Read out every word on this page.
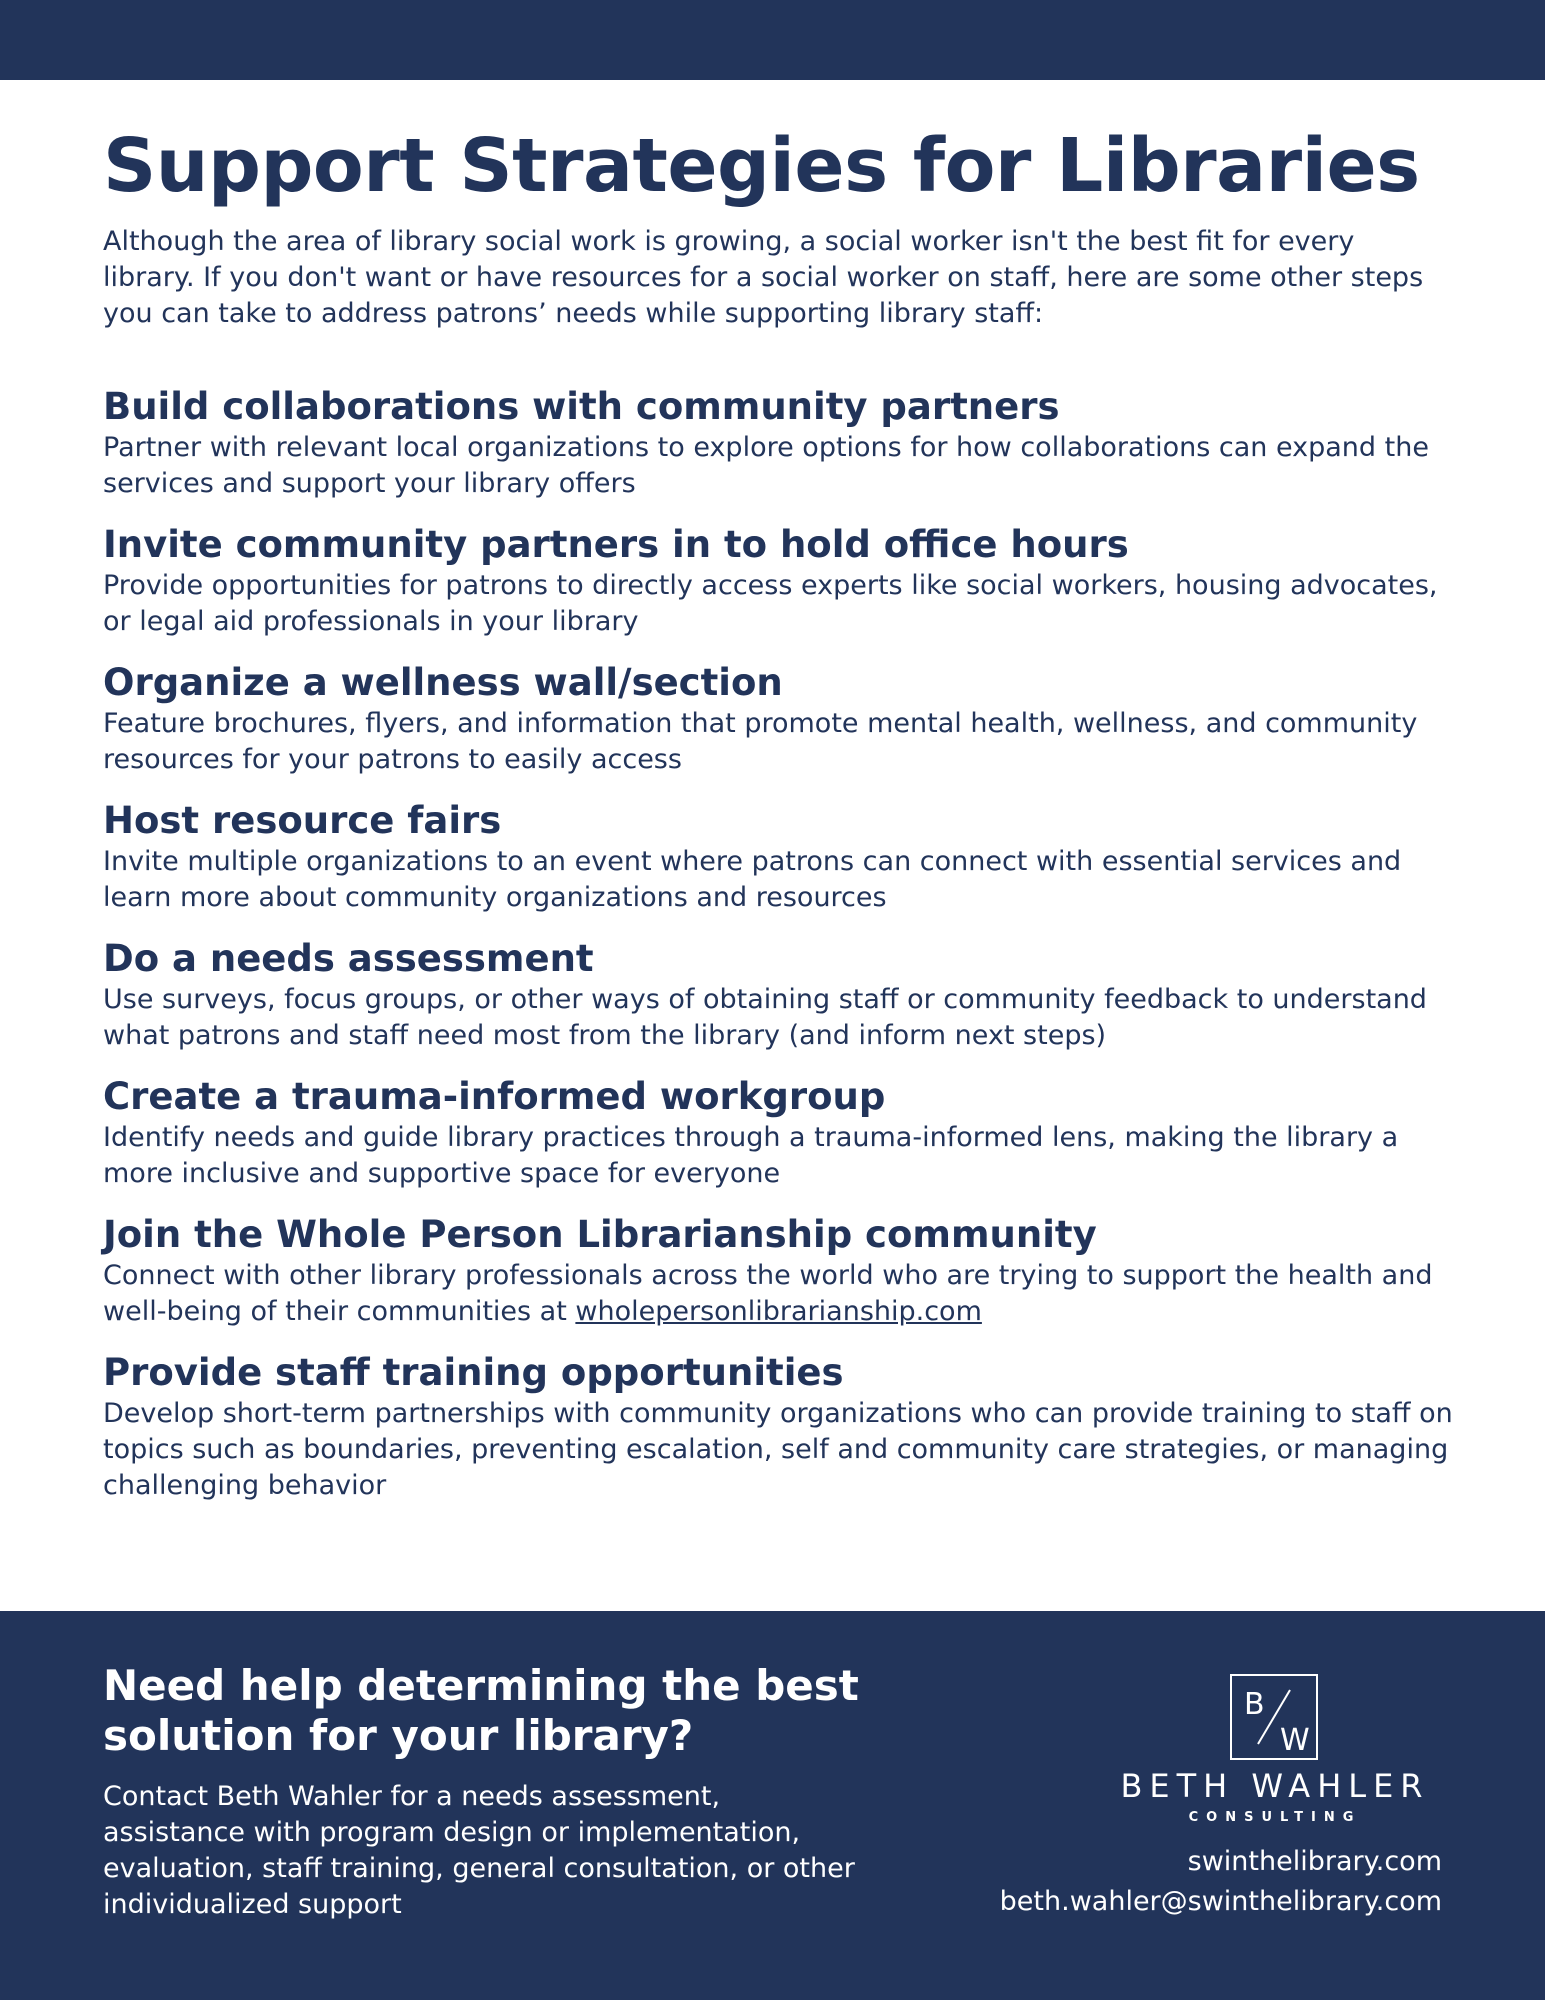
Support Strategies for Libraries

Although the area of library social work is growing, a social worker isn't the best fit for every library. If you don't want or have resources for a social worker on staff, here are some other steps you can take to address patrons’ needs while supporting library staff:

Build collaborations with community partners

Partner with relevant local organizations to explore options for how collaborations can expand the services and support your library offers

Invite community partners in to hold office hours

Provide opportunities for patrons to directly access experts like social workers, housing advocates, or legal aid professionals in your library

Organize a wellness wall/section

Feature brochures, flyers, and information that promote mental health, wellness, and community resources for your patrons to easily access

Host resource fairs

Invite multiple organizations to an event where patrons can connect with essential services and learn more about community organizations and resources

Do a needs assessment

Use surveys, focus groups, or other ways of obtaining staff or community feedback to understand what patrons and staff need most from the library (and inform next steps)

Create a trauma-informed workgroup

Identify needs and guide library practices through a trauma-informed lens, making the library a more inclusive and supportive space for everyone

Join the Whole Person Librarianship community

Connect with other library professionals across the world who are trying to support the health and well-being of their communities at wholepersonlibrarianship.com

Provide staff training opportunities

Develop short-term partnerships with community organizations who can provide training to staff on topics such as boundaries, preventing escalation, self and community care strategies, or managing challenging behavior

Need help determining the best solution for your library?

Contact Beth Wahler for a needs assessment, assistance with program design or implementation, evaluation, staff training, general consultation, or other individualized support

B
W
BETH WAHLER
CONSULTING
swinthelibrary.com
beth.wahler@swinthelibrary.com
